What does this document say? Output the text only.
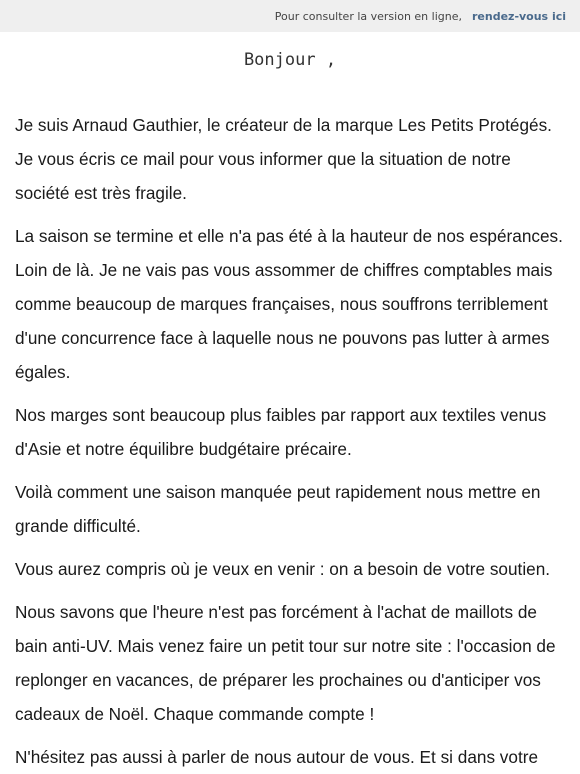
Pour consulter la version en ligne, rendez-vous ici
Bonjour ,

Je suis Arnaud Gauthier, le créateur de la marque Les Petits Protégés. Je vous écris ce mail pour vous informer que la situation de notre société est très fragile.

La saison se termine et elle n'a pas été à la hauteur de nos espérances. Loin de là. Je ne vais pas vous assommer de chiffres comptables mais comme beaucoup de marques françaises, nous souffrons terriblement d'une concurrence face à laquelle nous ne pouvons pas lutter à armes égales.

Nos marges sont beaucoup plus faibles par rapport aux textiles venus d'Asie et notre équilibre budgétaire précaire.

Voilà comment une saison manquée peut rapidement nous mettre en grande difficulté.

Vous aurez compris où je veux en venir : on a besoin de votre soutien.

Nous savons que l'heure n'est pas forcément à l'achat de maillots de bain anti-UV. Mais venez faire un petit tour sur notre site : l'occasion de replonger en vacances, de préparer les prochaines ou d'anticiper vos cadeaux de Noël. Chaque commande compte !

N'hésitez pas aussi à parler de nous autour de vous. Et si dans votre
